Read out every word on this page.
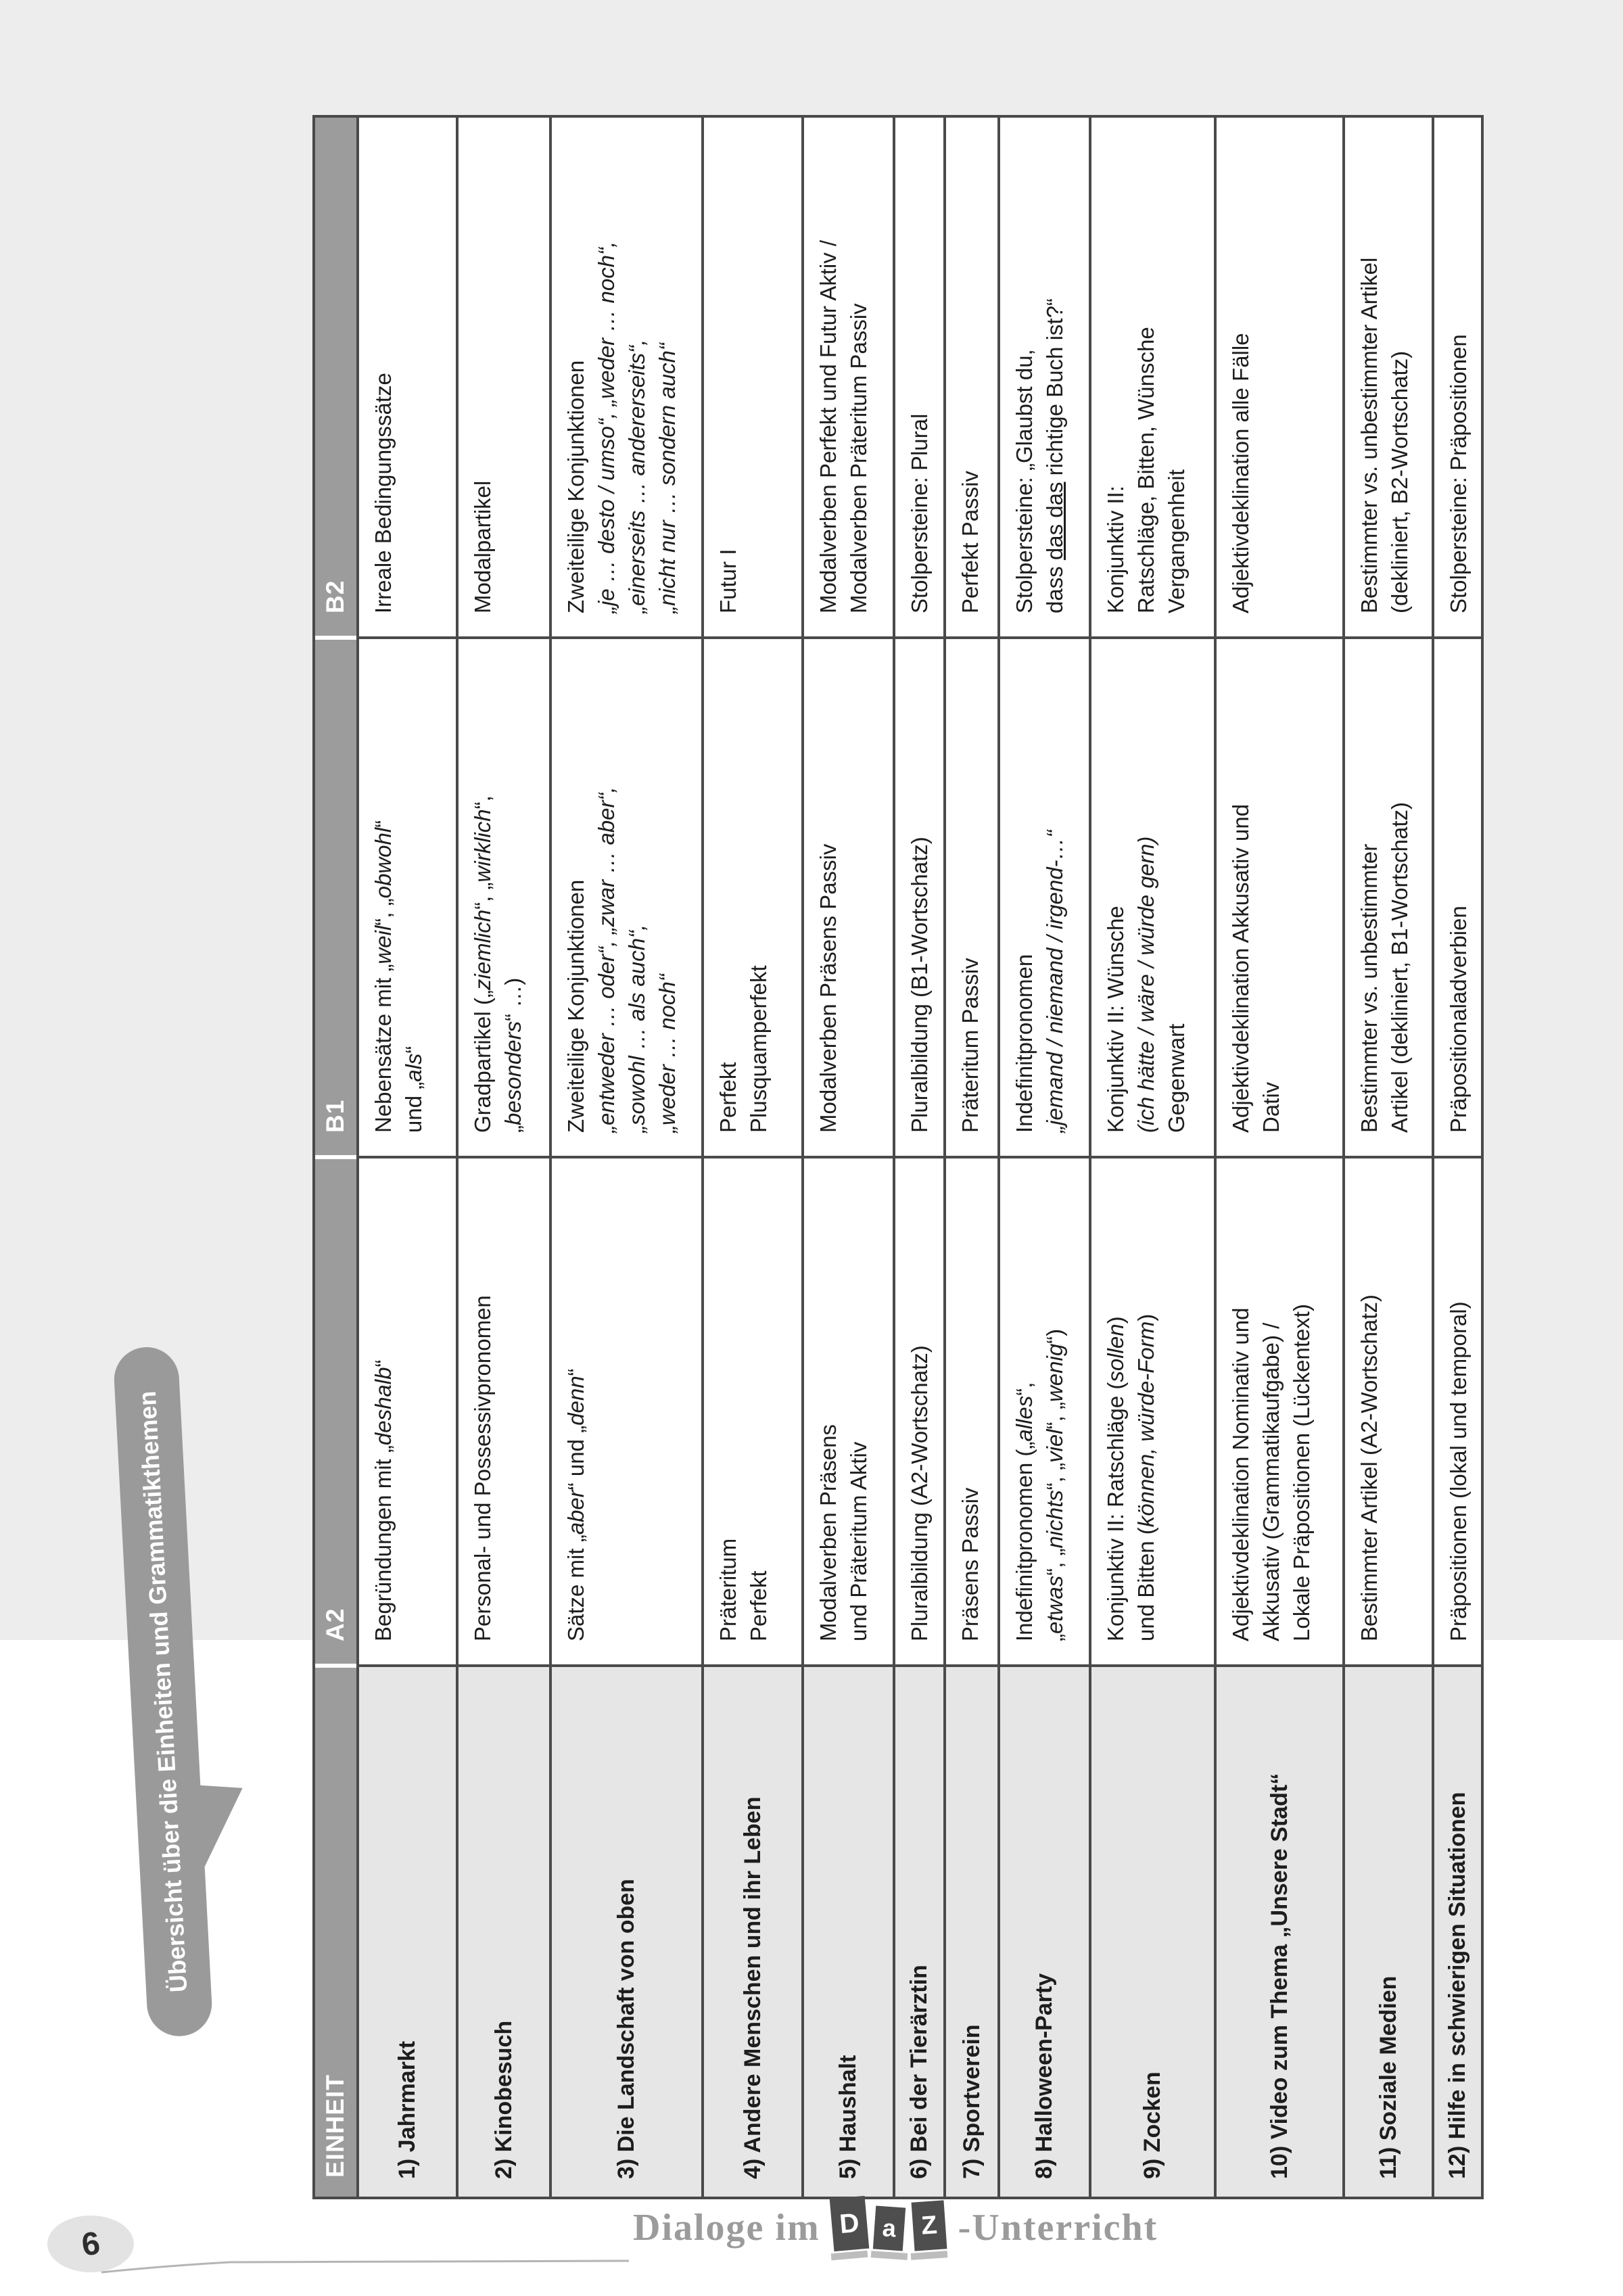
EINHEIT
A2
B1
B2
1) Jahrmarkt
Begründungen mit „deshalb“
Nebensätze mit „weil“, „obwohl“
und „als“
Irreale Bedingungssätze
2) Kinobesuch
Personal- und Possessivpronomen
Gradpartikel („ziemlich“, „wirklich“,
„besonders“ …)
Modalpartikel
3) Die Landschaft von oben
Sätze mit „aber“ und „denn“
Zweiteilige Konjunktionen „entweder … oder“, „zwar … aber“, „sowohl … als auch“, „weder … noch“
Zweiteilige Konjunktionen „je … desto / umso“, „weder … noch“, „einerseits … andererseits“, „nicht nur … sondern auch“
4) Andere Menschen und ihr Leben
Präteritum Perfekt
Perfekt Plusquamperfekt
Futur I
5) Haushalt
Modalverben Präsens und Präteritum Aktiv
Modalverben Präsens Passiv
Modalverben Perfekt und Futur Aktiv / Modalverben Präteritum Passiv
6) Bei der Tierärztin
Pluralbildung (A2-Wortschatz)
Pluralbildung (B1-Wortschatz)
Stolpersteine: Plural
7) Sportverein
Präsens Passiv
Präteritum Passiv
Perfekt Passiv
8) Halloween-Party
Indefinitpronomen („alles“,
„etwas“, „nichts“, „viel“, „wenig“)
Indefinitpronomen „jemand / niemand / irgend-…“
Stolpersteine: „Glaubst du, dass das das richtige Buch ist?“
9) Zocken
Konjunktiv II: Ratschläge (sollen)
und Bitten (können, würde-Form)
Konjunktiv II: Wünsche (ich hätte / wäre / würde gern) Gegenwart
Konjunktiv II: Ratschläge, Bitten, Wünsche Vergangenheit
10) Video zum Thema „Unsere Stadt“
Adjektivdeklination Nominativ und Akkusativ (Grammatikaufgabe) / Lokale Präpositionen (Lückentext)
Adjektivdeklination Akkusativ und Dativ
Adjektivdeklination alle Fälle
11) Soziale Medien
Bestimmter Artikel (A2-Wortschatz)
Bestimmter vs. unbestimmter Artikel (dekliniert, B1-Wortschatz)
Bestimmter vs. unbestimmter Artikel (dekliniert, B2-Wortschatz)
12) Hilfe in schwierigen Situationen
Präpositionen (lokal und temporal)
Präpositionaladverbien
Stolpersteine: Präpositionen
Übersicht über die Einheiten und Grammatikthemen
6	Dialoge im D a Z -Unterricht
